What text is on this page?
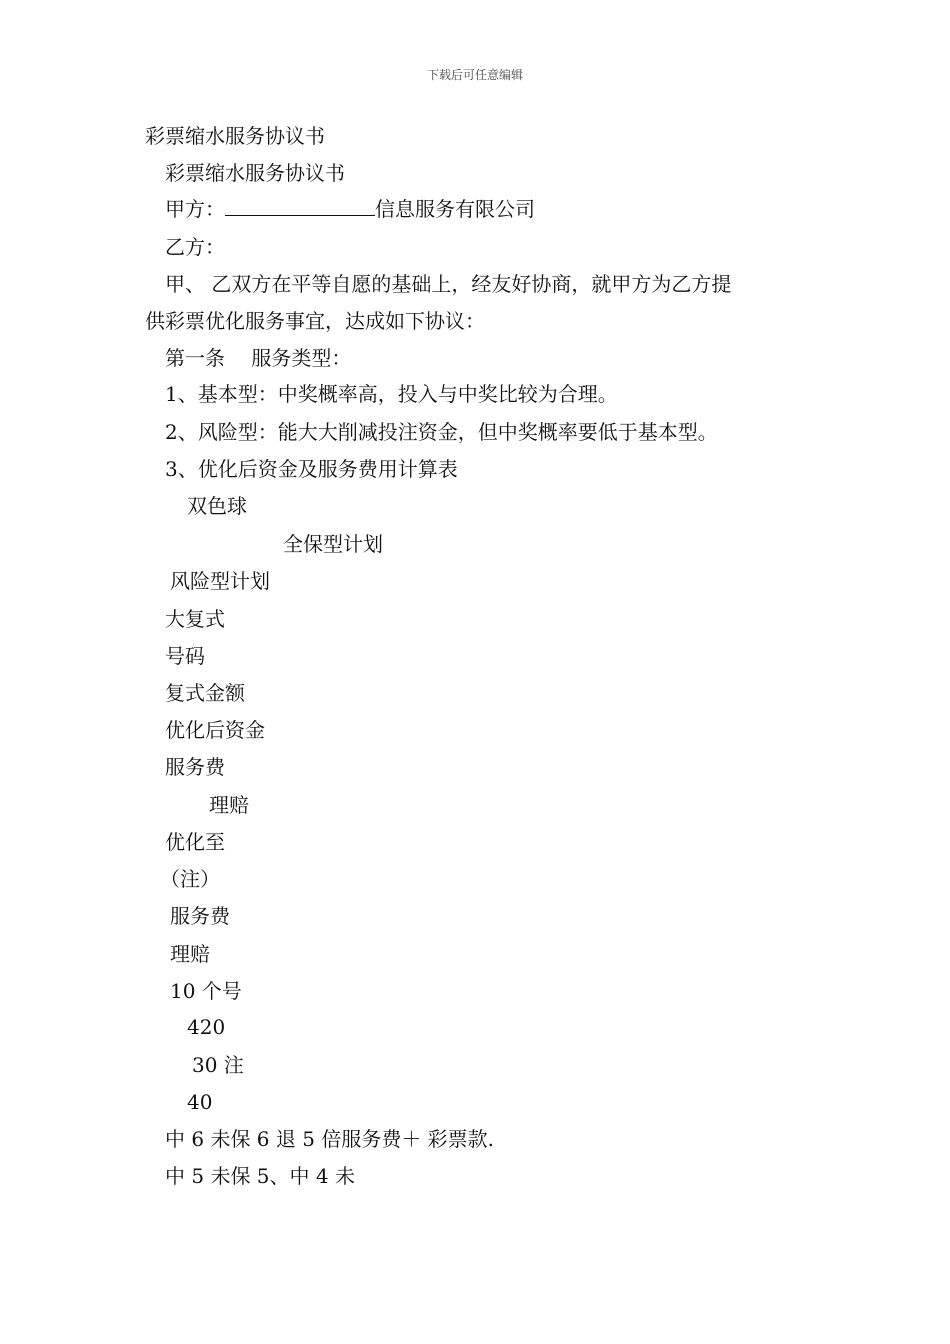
下载后可任意编辑
彩票缩水服务协议书
彩票缩水服务协议书
甲方：	信息服务有限公司
乙方：
甲、 乙双方在平等自愿的基础上，经友好协商，就甲方为乙方提
供彩票优化服务事宜，达成如下协议：
第一条　 服务类型：
1、基本型：中奖概率高，投入与中奖比较为合理。
2、风险型：能大大削减投注资金，但中奖概率要低于基本型。
3、优化后资金及服务费用计算表
双色球
全保型计划
风险型计划
大复式
号码
复式金额
优化后资金
服务费
理赔
优化至
（注）
服务费
理赔
10 个号
420
30 注
40
中 6 未保 6 退 5 倍服务费＋ 彩票款.
中 5 未保 5、中 4 未
